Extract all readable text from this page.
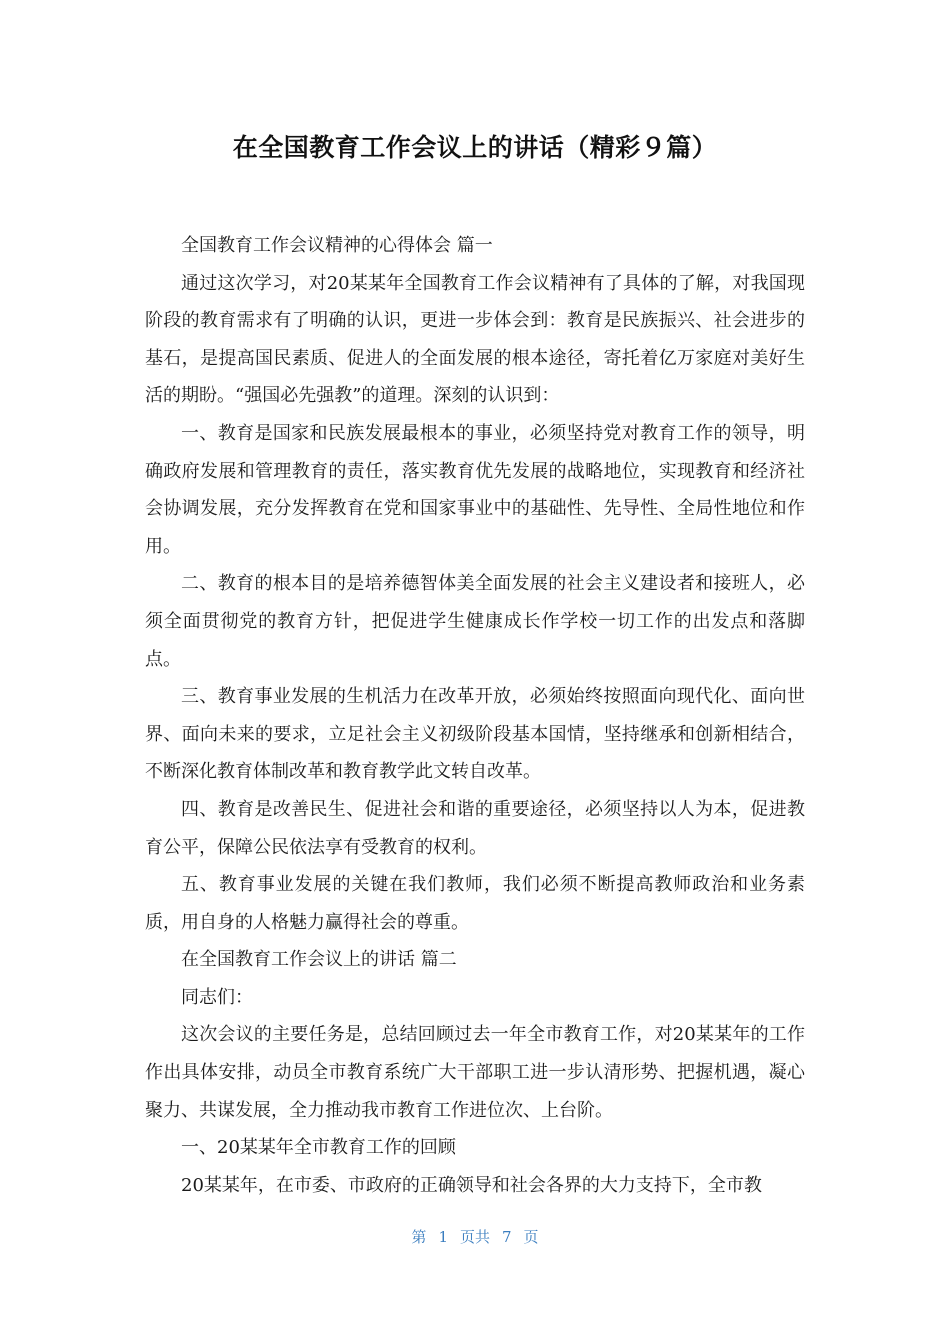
在全国教育工作会议上的讲话（精彩９篇）

全国教育工作会议精神的心得体会 篇一

通过这次学习，对20某某年全国教育工作会议精神有了具体的了解，对我国现阶段的教育需求有了明确的认识，更进一步体会到：教育是民族振兴、社会进步的基石，是提高国民素质、促进人的全面发展的根本途径，寄托着亿万家庭对美好生活的期盼。“强国必先强教”的道理。深刻的认识到：

一、教育是国家和民族发展最根本的事业，必须坚持党对教育工作的领导，明确政府发展和管理教育的责任，落实教育优先发展的战略地位，实现教育和经济社会协调发展，充分发挥教育在党和国家事业中的基础性、先导性、全局性地位和作用。

二、教育的根本目的是培养德智体美全面发展的社会主义建设者和接班人，必须全面贯彻党的教育方针，把促进学生健康成长作学校一切工作的出发点和落脚点。

三、教育事业发展的生机活力在改革开放，必须始终按照面向现代化、面向世界、面向未来的要求，立足社会主义初级阶段基本国情，坚持继承和创新相结合，不断深化教育体制改革和教育教学此文转自改革。

四、教育是改善民生、促进社会和谐的重要途径，必须坚持以人为本，促进教育公平，保障公民依法享有受教育的权利。

五、教育事业发展的关键在我们教师，我们必须不断提高教师政治和业务素质，用自身的人格魅力赢得社会的尊重。

在全国教育工作会议上的讲话 篇二

同志们：

这次会议的主要任务是，总结回顾过去一年全市教育工作，对20某某年的工作作出具体安排，动员全市教育系统广大干部职工进一步认清形势、把握机遇，凝心聚力、共谋发展，全力推动我市教育工作进位次、上台阶。

一、20某某年全市教育工作的回顾

20某某年，在市委、市政府的正确领导和社会各界的大力支持下，全市教

第 1 页共 7 页
